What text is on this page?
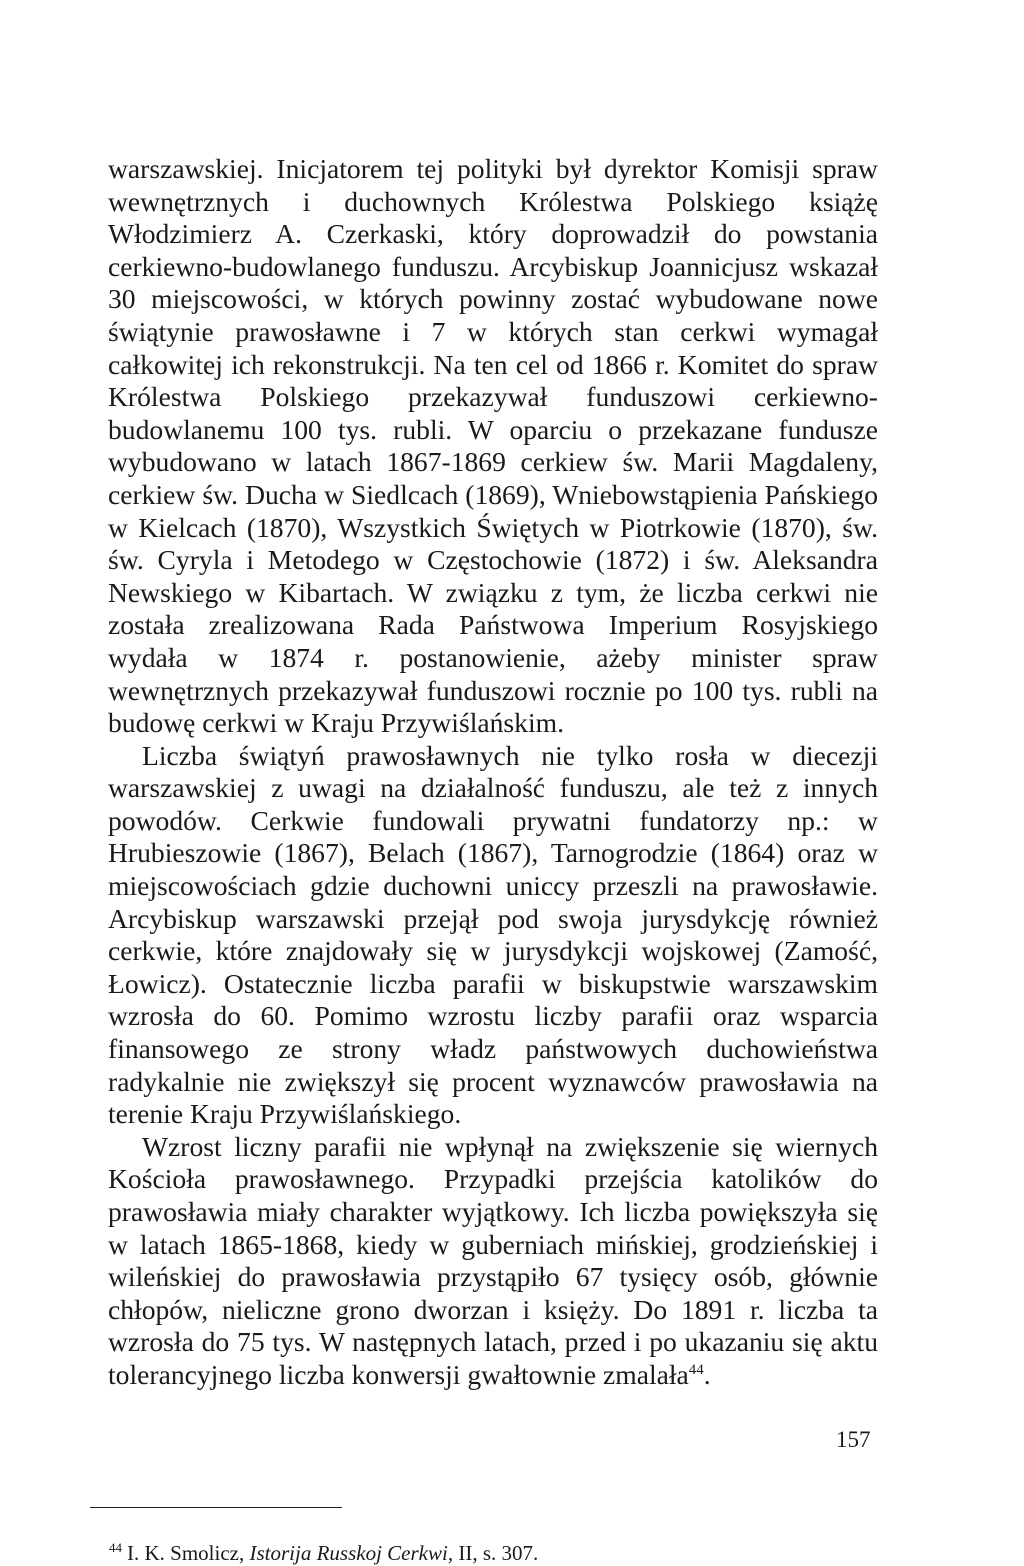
warszawskiej. Inicjatorem tej polityki był dyrektor Komisji spraw wewnętrznych i duchownych Królestwa Polskiego książę Włodzimierz A. Czerkaski, który doprowadził do powstania cerkiewno-budowlanego funduszu. Arcybiskup Joannicjusz wskazał 30 miejscowości, w których powinny zostać wybudowane nowe świątynie prawosławne i 7 w których stan cerkwi wymagał całkowitej ich rekonstrukcji. Na ten cel od 1866 r. Komitet do spraw Królestwa Polskiego przekazywał funduszowi cerkiewno-budowlanemu 100 tys. rubli. W oparciu o przekazane fundusze wybudowano w latach 1867-1869 cerkiew św. Marii Magdaleny, cerkiew św. Ducha w Siedlcach (1869), Wniebowstąpienia Pańskiego w Kielcach (1870), Wszystkich Świętych w Piotrkowie (1870), św. św. Cyryla i Metodego w Częstochowie (1872) i św. Aleksandra Newskiego w Kibartach. W związku z tym, że liczba cerkwi nie została zrealizowana Rada Państwowa Imperium Rosyjskiego wydała w 1874 r. postanowienie, ażeby minister spraw wewnętrznych przekazywał funduszowi rocznie po 100 tys. rubli na budowę cerkwi w Kraju Przywiślańskim.

Liczba świątyń prawosławnych nie tylko rosła w diecezji warszawskiej z uwagi na działalność funduszu, ale też z innych powodów. Cerkwie fundowali prywatni fundatorzy np.: w Hrubieszowie (1867), Belach (1867), Tarnogrodzie (1864) oraz w miejscowościach gdzie duchowni uniccy przeszli na prawosławie. Arcybiskup warszawski przejął pod swoja jurysdykcję również cerkwie, które znajdowały się w jurysdykcji wojskowej (Zamość, Łowicz). Ostatecznie liczba parafii w biskupstwie warszawskim wzrosła do 60. Pomimo wzrostu liczby parafii oraz wsparcia finansowego ze strony władz państwowych duchowieństwa radykalnie nie zwiększył się procent wyznawców prawosławia na terenie Kraju Przywiślańskiego.

Wzrost liczny parafii nie wpłynął na zwiększenie się wiernych Kościoła prawosławnego. Przypadki przejścia katolików do prawosławia miały charakter wyjątkowy. Ich liczba powiększyła się w latach 1865-1868, kiedy w guberniach mińskiej, grodzieńskiej i wileńskiej do prawosławia przystąpiło 67 tysięcy osób, głównie chłopów, nieliczne grono dworzan i księży. Do 1891 r. liczba ta wzrosła do 75 tys. W następnych latach, przed i po ukazaniu się aktu tolerancyjnego liczba konwersji gwałtownie zmalała$^{44}$.

$^{44}$ I. K. Smolicz, Istorija Russkoj Cerkwi, II, s. 307.

157
